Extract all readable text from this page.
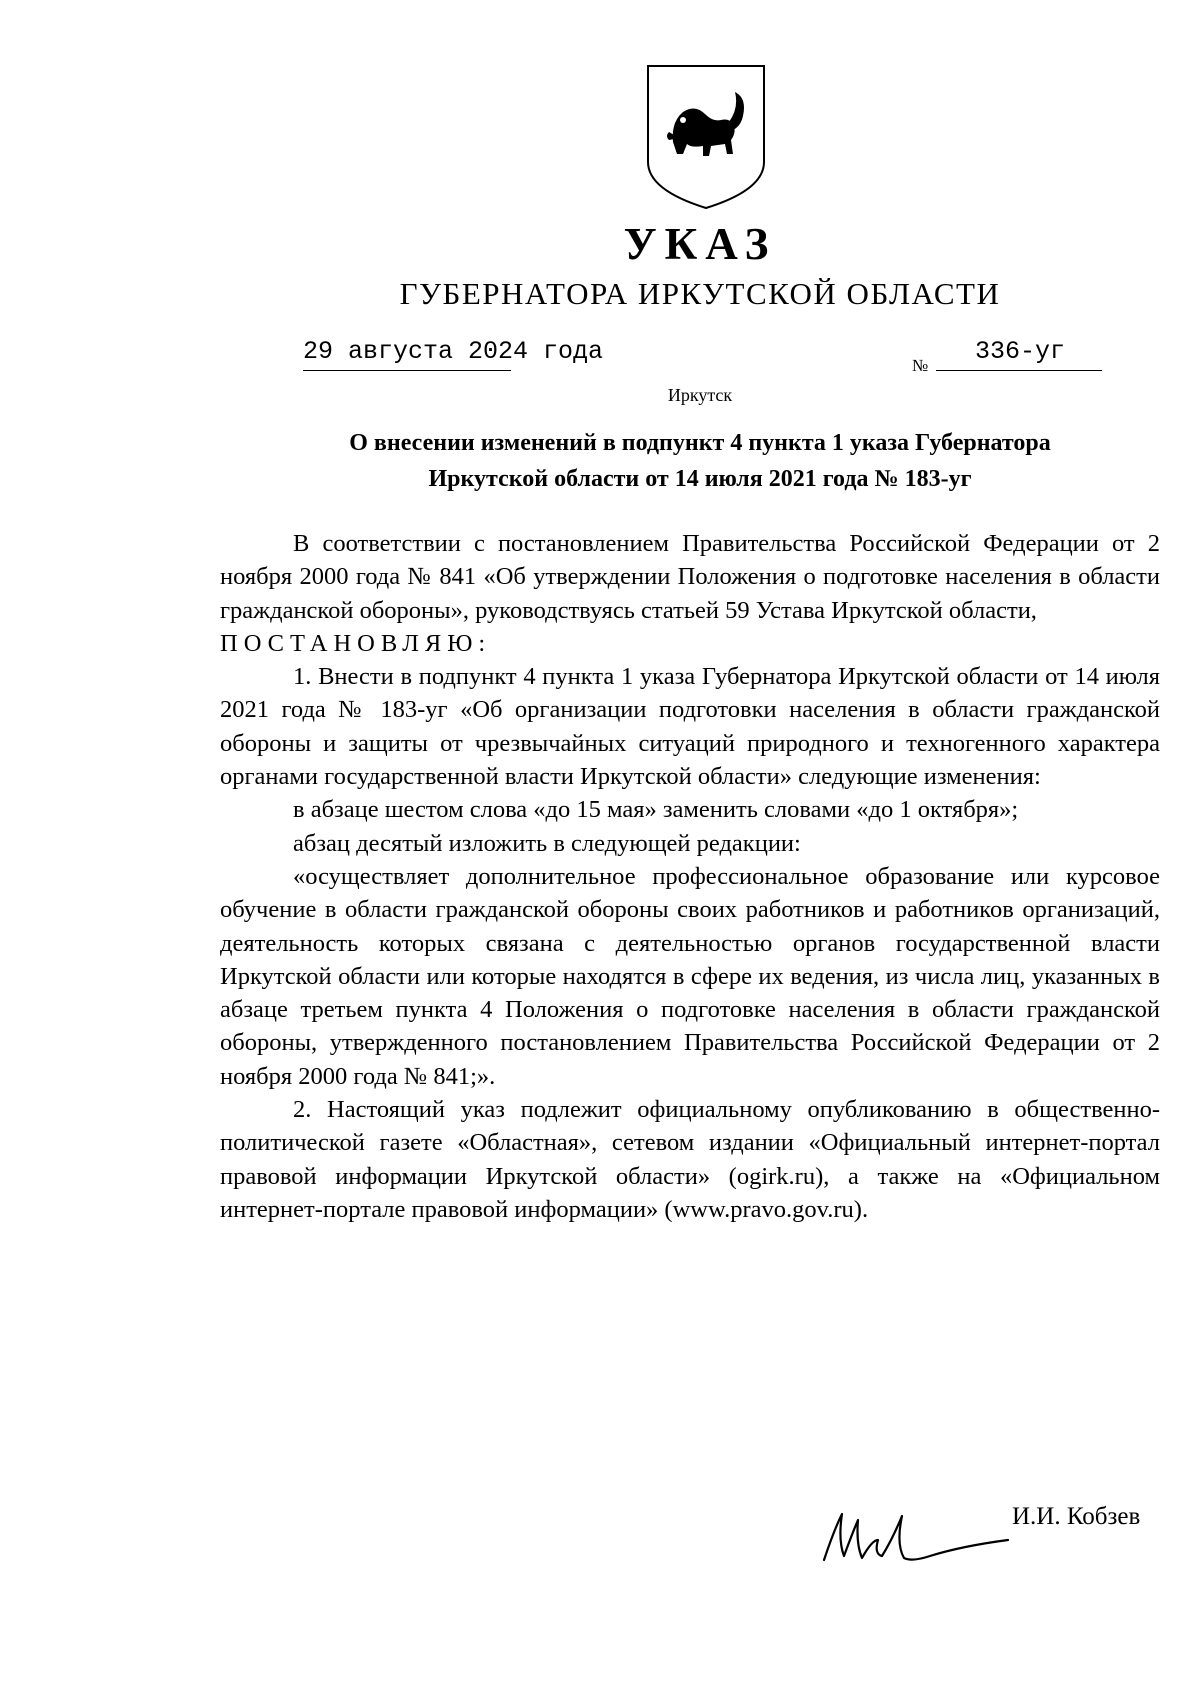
УКАЗ
ГУБЕРНАТОРА ИРКУТСКОЙ ОБЛАСТИ
29 августа 2024 года	№ 336-уг
Иркутск
О внесении изменений в подпункт 4 пункта 1 указа Губернатора
Иркутской области от 14 июля 2021 года № 183-уг

В соответствии с постановлением Правительства Российской Федерации от 2 ноября 2000 года № 841 «Об утверждении Положения о подготовке населения в области гражданской обороны», руководствуясь статьей 59 Устава Иркутской области,

ПОСТАНОВЛЯЮ:

1. Внести в подпункт 4 пункта 1 указа Губернатора Иркутской области от 14 июля 2021 года № 183-уг «Об организации подготовки населения в области гражданской обороны и защиты от чрезвычайных ситуаций природного и техногенного характера органами государственной власти Иркутской области» следующие изменения:

в абзаце шестом слова «до 15 мая» заменить словами «до 1 октября»;

абзац десятый изложить в следующей редакции:

«осуществляет дополнительное профессиональное образование или курсовое обучение в области гражданской обороны своих работников и работников организаций, деятельность которых связана с деятельностью органов государственной власти Иркутской области или которые находятся в сфере их ведения, из числа лиц, указанных в абзаце третьем пункта 4 Положения о подготовке населения в области гражданской обороны, утвержденного постановлением Правительства Российской Федерации от 2 ноября 2000 года № 841;».

2. Настоящий указ подлежит официальному опубликованию в общественно-политической газете «Областная», сетевом издании «Официальный интернет-портал правовой информации Иркутской области» (ogirk.ru), а также на «Официальном интернет-портале правовой информации» (www.pravo.gov.ru).

И.И. Кобзев
